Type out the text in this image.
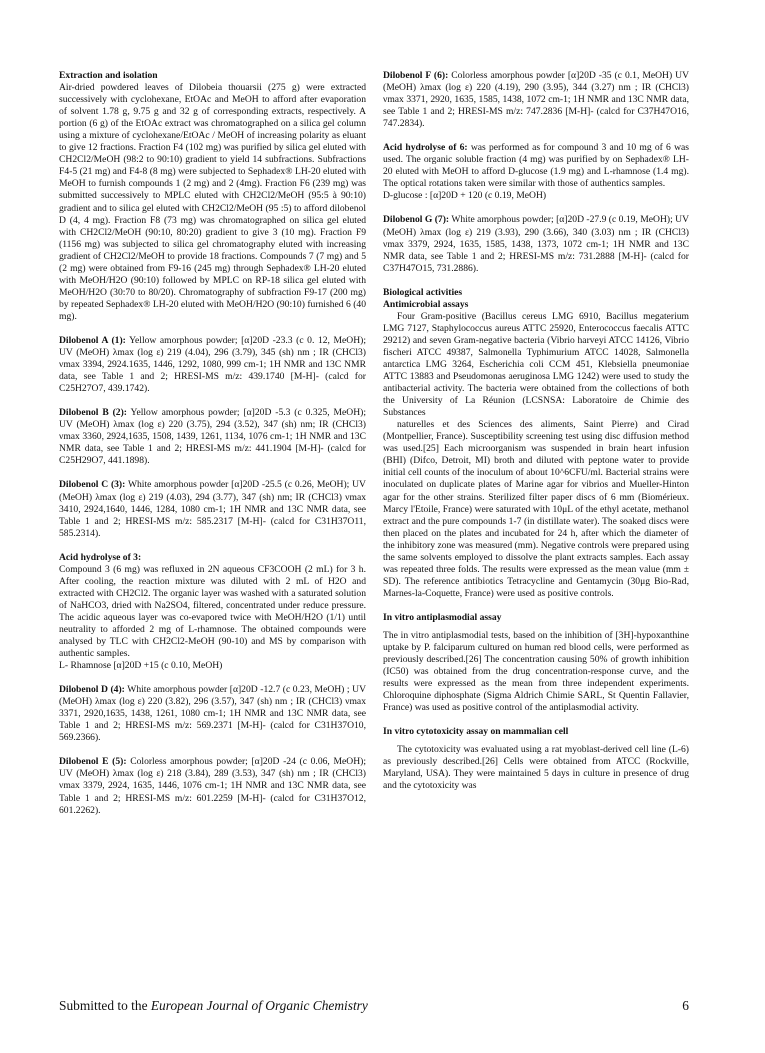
Extraction and isolation

Air-dried powdered leaves of Dilobeia thouarsii (275 g) were extracted successively with cyclohexane, EtOAc and MeOH to afford after evaporation of solvent 1.78 g, 9.75 g and 32 g of corresponding extracts, respectively. A portion (6 g) of the EtOAc extract was chromatographed on a silica gel column using a mixture of cyclohexane/EtOAc / MeOH of increasing polarity as eluant to give 12 fractions. Fraction F4 (102 mg) was purified by silica gel eluted with CH2Cl2/MeOH (98:2 to 90:10) gradient to yield 14 subfractions. Subfractions F4-5 (21 mg) and F4-8 (8 mg) were subjected to Sephadex® LH-20 eluted with MeOH to furnish compounds 1 (2 mg) and 2 (4mg). Fraction F6 (239 mg) was submitted successively to MPLC eluted with CH2Cl2/MeOH (95:5 à 90:10) gradient and to silica gel eluted with CH2Cl2/MeOH (95 :5) to afford dilobenol D (4, 4 mg). Fraction F8 (73 mg) was chromatographed on silica gel eluted with CH2Cl2/MeOH (90:10, 80:20) gradient to give 3 (10 mg). Fraction F9 (1156 mg) was subjected to silica gel chromatography eluted with increasing gradient of CH2Cl2/MeOH to provide 18 fractions. Compounds 7 (7 mg) and 5 (2 mg) were obtained from F9-16 (245 mg) through Sephadex® LH-20 eluted with MeOH/H2O (90:10) followed by MPLC on RP-18 silica gel eluted with MeOH/H2O (30:70 to 80/20). Chromatography of subfraction F9-17 (200 mg) by repeated Sephadex® LH-20 eluted with MeOH/H2O (90:10) furnished 6 (40 mg).

Dilobenol A (1): Yellow amorphous powder; [α]20D -23.3 (c 0. 12, MeOH); UV (MeOH) λmax (log ε) 219 (4.04), 296 (3.79), 345 (sh) nm ; IR (CHCl3) νmax 3394, 2924.1635, 1446, 1292, 1080, 999 cm-1; 1H NMR and 13C NMR data, see Table 1 and 2; HRESI-MS m/z: 439.1740 [M-H]- (calcd for C25H27O7, 439.1742).

Dilobenol B (2): Yellow amorphous powder; [α]20D -5.3 (c 0.325, MeOH); UV (MeOH) λmax (log ε) 220 (3.75), 294 (3.52), 347 (sh) nm; IR (CHCl3) νmax 3360, 2924,1635, 1508, 1439, 1261, 1134, 1076 cm-1; 1H NMR and 13C NMR data, see Table 1 and 2; HRESI-MS m/z: 441.1904 [M-H]- (calcd for C25H29O7, 441.1898).

Dilobenol C (3): White amorphous powder [α]20D -25.5 (c 0.26, MeOH); UV (MeOH) λmax (log ε) 219 (4.03), 294 (3.77), 347 (sh) nm; IR (CHCl3) νmax 3410, 2924,1640, 1446, 1284, 1080 cm-1; 1H NMR and 13C NMR data, see Table 1 and 2; HRESI-MS m/z: 585.2317 [M-H]- (calcd for C31H37O11, 585.2314).

Acid hydrolyse of 3:

Compound 3 (6 mg) was refluxed in 2N aqueous CF3COOH (2 mL) for 3 h. After cooling, the reaction mixture was diluted with 2 mL of H2O and extracted with CH2Cl2. The organic layer was washed with a saturated solution of NaHCO3, dried with Na2SO4, filtered, concentrated under reduce pressure. The acidic aqueous layer was co-evapored twice with MeOH/H2O (1/1) until neutrality to afforded 2 mg of L-rhamnose. The obtained compounds were analysed by TLC with CH2Cl2-MeOH (90-10) and MS by comparison with authentic samples.

L- Rhamnose [α]20D +15 (c 0.10, MeOH)

Dilobenol D (4): White amorphous powder [α]20D -12.7 (c 0.23, MeOH) ; UV (MeOH) λmax (log ε) 220 (3.82), 296 (3.57), 347 (sh) nm ; IR (CHCl3) νmax 3371, 2920,1635, 1438, 1261, 1080 cm-1; 1H NMR and 13C NMR data, see Table 1 and 2; HRESI-MS m/z: 569.2371 [M-H]- (calcd for C31H37O10, 569.2366).

Dilobenol E (5): Colorless amorphous powder; [α]20D -24 (c 0.06, MeOH); UV (MeOH) λmax (log ε) 218 (3.84), 289 (3.53), 347 (sh) nm ; IR (CHCl3) νmax 3379, 2924, 1635, 1446, 1076 cm-1; 1H NMR and 13C NMR data, see Table 1 and 2; HRESI-MS m/z: 601.2259 [M-H]- (calcd for C31H37O12, 601.2262).

Dilobenol F (6): Colorless amorphous powder [α]20D -35 (c 0.1, MeOH) UV (MeOH) λmax (log ε) 220 (4.19), 290 (3.95), 344 (3.27) nm ; IR (CHCl3) νmax 3371, 2920, 1635, 1585, 1438, 1072 cm-1; 1H NMR and 13C NMR data, see Table 1 and 2; HRESI-MS m/z: 747.2836 [M-H]- (calcd for C37H47O16, 747.2834).

Acid hydrolyse of 6: was performed as for compound 3 and 10 mg of 6 was used. The organic soluble fraction (4 mg) was purified by on Sephadex® LH-20 eluted with MeOH to afford D-glucose (1.9 mg) and L-rhamnose (1.4 mg). The optical rotations taken were similar with those of authentics samples.

D-glucose : [α]20D + 120 (c 0.19, MeOH)

Dilobenol G (7): White amorphous powder; [α]20D -27.9 (c 0.19, MeOH); UV (MeOH) λmax (log ε) 219 (3.93), 290 (3.66), 340 (3.03) nm ; IR (CHCl3) νmax 3379, 2924, 1635, 1585, 1438, 1373, 1072 cm-1; 1H NMR and 13C NMR data, see Table 1 and 2; HRESI-MS m/z: 731.2888 [M-H]- (calcd for C37H47O15, 731.2886).

Biological activities

Antimicrobial assays

Four Gram-positive (Bacillus cereus LMG 6910, Bacillus megaterium LMG 7127, Staphylococcus aureus ATTC 25920, Enterococcus faecalis ATTC 29212) and seven Gram-negative bacteria (Vibrio harveyi ATCC 14126, Vibrio fischeri ATCC 49387, Salmonella Typhimurium ATCC 14028, Salmonella antarctica LMG 3264, Escherichia coli CCM 451, Klebsiella pneumoniae ATTC 13883 and Pseudomonas aeruginosa LMG 1242) were used to study the antibacterial activity. The bacteria were obtained from the collections of both the University of La Réunion (LCSNSA: Laboratoire de Chimie des Substances

naturelles et des Sciences des aliments, Saint Pierre) and Cirad (Montpellier, France). Susceptibility screening test using disc diffusion method was used.[25] Each microorganism was suspended in brain heart infusion (BHI) (Difco, Detroit, MI) broth and diluted with peptone water to provide initial cell counts of the inoculum of about 10^6CFU/ml. Bacterial strains were inoculated on duplicate plates of Marine agar for vibrios and Mueller-Hinton agar for the other strains. Sterilized filter paper discs of 6 mm (Biomérieux. Marcy l'Etoile, France) were saturated with 10μL of the ethyl acetate, methanol extract and the pure compounds 1-7 (in distillate water). The soaked discs were then placed on the plates and incubated for 24 h, after which the diameter of the inhibitory zone was measured (mm). Negative controls were prepared using the same solvents employed to dissolve the plant extracts samples. Each assay was repeated three folds. The results were expressed as the mean value (mm ± SD). The reference antibiotics Tetracycline and Gentamycin (30μg Bio-Rad, Marnes-la-Coquette, France) were used as positive controls.

In vitro antiplasmodial assay

The in vitro antiplasmodial tests, based on the inhibition of [3H]-hypoxanthine uptake by P. falciparum cultured on human red blood cells, were performed as previously described.[26] The concentration causing 50% of growth inhibition (IC50) was obtained from the drug concentration-response curve, and the results were expressed as the mean from three independent experiments. Chloroquine diphosphate (Sigma Aldrich Chimie SARL, St Quentin Fallavier, France) was used as positive control of the antiplasmodial activity.

In vitro cytotoxicity assay on mammalian cell

The cytotoxicity was evaluated using a rat myoblast-derived cell line (L-6) as previously described.[26] Cells were obtained from ATCC (Rockville, Maryland, USA). They were maintained 5 days in culture in presence of drug and the cytotoxicity was

Submitted to the European Journal of Organic Chemistry	6
